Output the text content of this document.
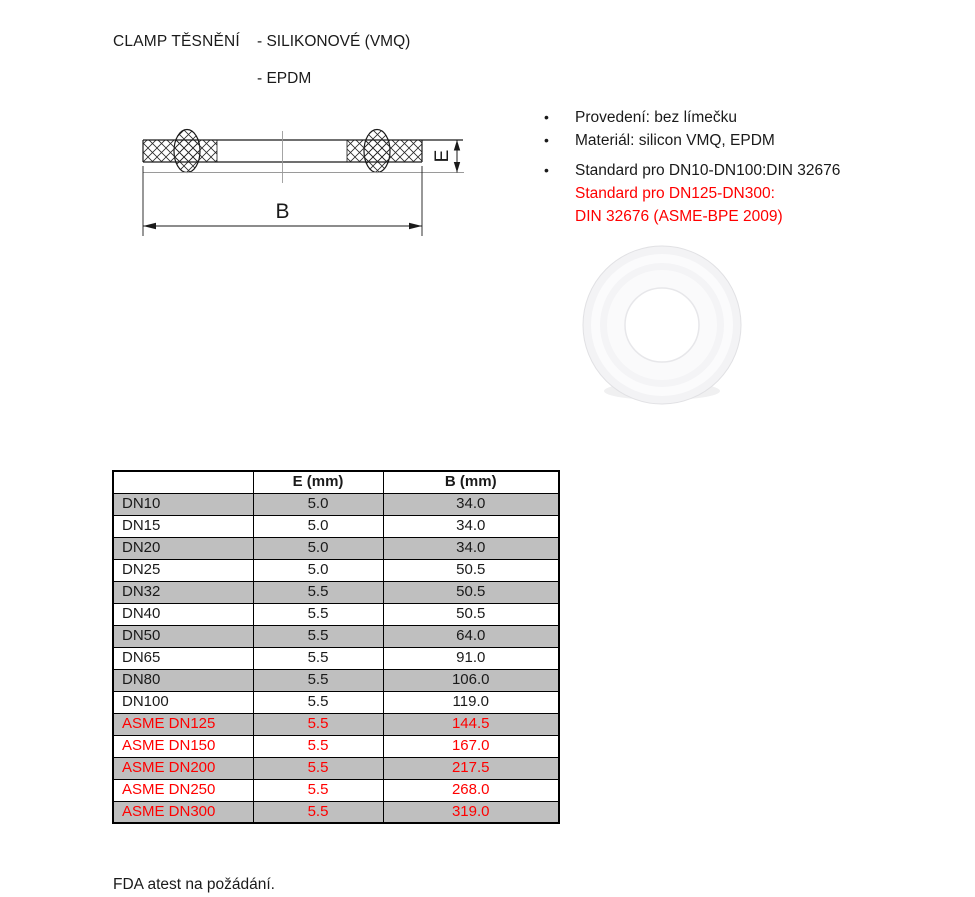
CLAMP TĚSNĚNÍ - SILIKONOVÉ (VMQ)
- EPDM
E
B
• Provedení: bez límečku
• Materiál: silicon VMQ, EPDM
• Standard pro DN10-DN100:DIN 32676
Standard pro DN125-DN300:
DIN 32676 (ASME-BPE 2009)
	E (mm)	B (mm)
DN10	5.0	34.0
DN15	5.0	34.0
DN20	5.0	34.0
DN25	5.0	50.5
DN32	5.5	50.5
DN40	5.5	50.5
DN50	5.5	64.0
DN65	5.5	91.0
DN80	5.5	106.0
DN100	5.5	119.0
ASME DN125	5.5	144.5
ASME DN150	5.5	167.0
ASME DN200	5.5	217.5
ASME DN250	5.5	268.0
ASME DN300	5.5	319.0
FDA atest na požádání.
